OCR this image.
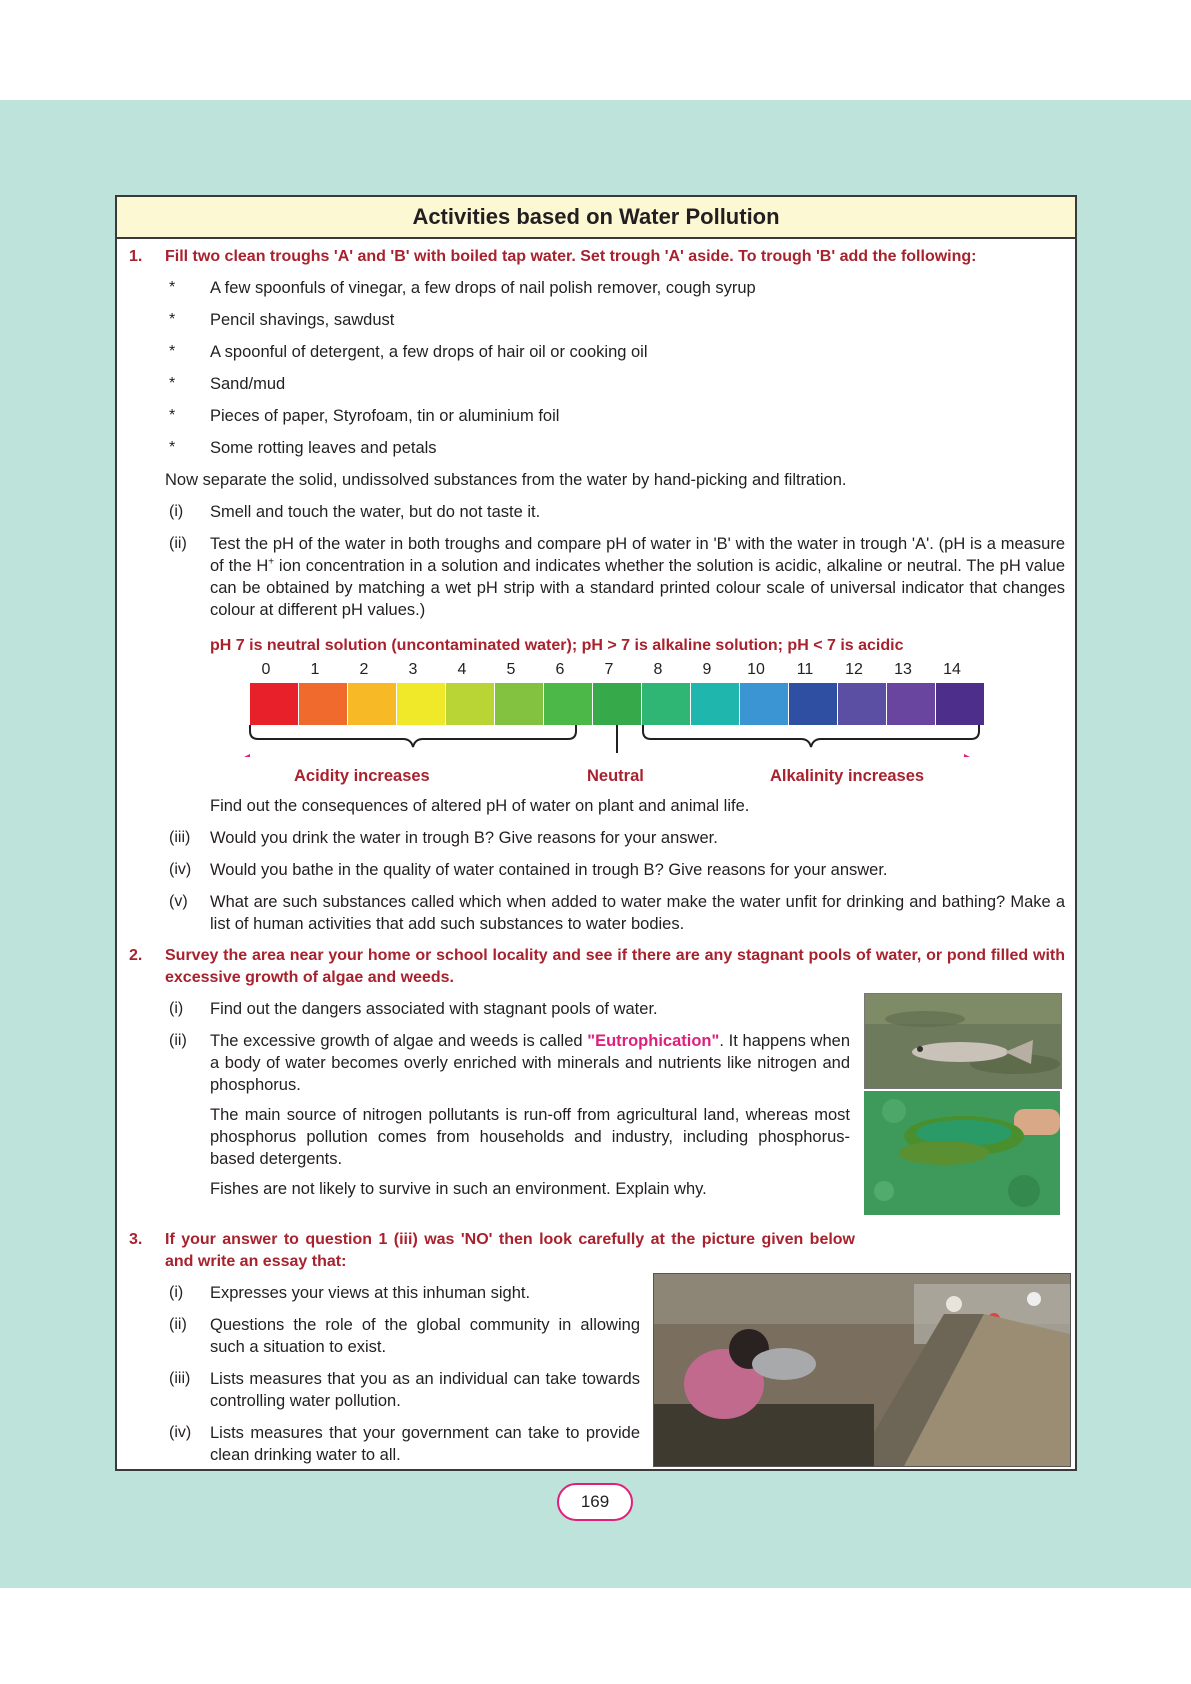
Activities based on Water Pollution
1. Fill two clean troughs 'A' and 'B' with boiled tap water. Set trough 'A' aside. To trough 'B' add the following:
* A few spoonfuls of vinegar, a few drops of nail polish remover, cough syrup
* Pencil shavings, sawdust
* A spoonful of detergent, a few drops of hair oil or cooking oil
* Sand/mud
* Pieces of paper, Styrofoam, tin or aluminium foil
* Some rotting leaves and petals
Now separate the solid, undissolved substances from the water by hand-picking and filtration.
(i) Smell and touch the water, but do not taste it.
(ii) Test the pH of the water in both troughs and compare pH of water in 'B' with the water in trough 'A'. (pH is a measure of the H+ ion concentration in a solution and indicates whether the solution is acidic, alkaline or neutral. The pH value can be obtained by matching a wet pH strip with a standard printed colour scale of universal indicator that changes colour at different pH values.)
pH 7 is neutral solution (uncontaminated water); pH > 7 is alkaline solution; pH < 7 is acidic
0	1	2	3	4	5	6	7	8	9 10 11 12 13 14
Acidity increases	Neutral	Alkalinity increases
Find out the consequences of altered pH of water on plant and animal life.
(iii) Would you drink the water in trough B? Give reasons for your answer.
(iv) Would you bathe in the quality of water contained in trough B? Give reasons for your answer.
(v) What are such substances called which when added to water make the water unfit for drinking and bathing? Make a list of human activities that add such substances to water bodies.
2. Survey the area near your home or school locality and see if there are any stagnant pools of water, or pond filled with excessive growth of algae and weeds.
(i) Find out the dangers associated with stagnant pools of water.
(ii) The excessive growth of algae and weeds is called "Eutrophication". It happens when a body of water becomes overly enriched with minerals and nutrients like nitrogen and phosphorus.
The main source of nitrogen pollutants is run-off from agricultural land, whereas most phosphorus pollution comes from households and industry, including phosphorus-based detergents.
Fishes are not likely to survive in such an environment. Explain why.
3. If your answer to question 1 (iii) was 'NO' then look carefully at the picture given below and write an essay that:
(i) Expresses your views at this inhuman sight.
(ii) Questions the role of the global community in allowing such a situation to exist.
(iii) Lists measures that you as an individual can take towards controlling water pollution.
(iv) Lists measures that your government can take to provide clean drinking water to all.
169
